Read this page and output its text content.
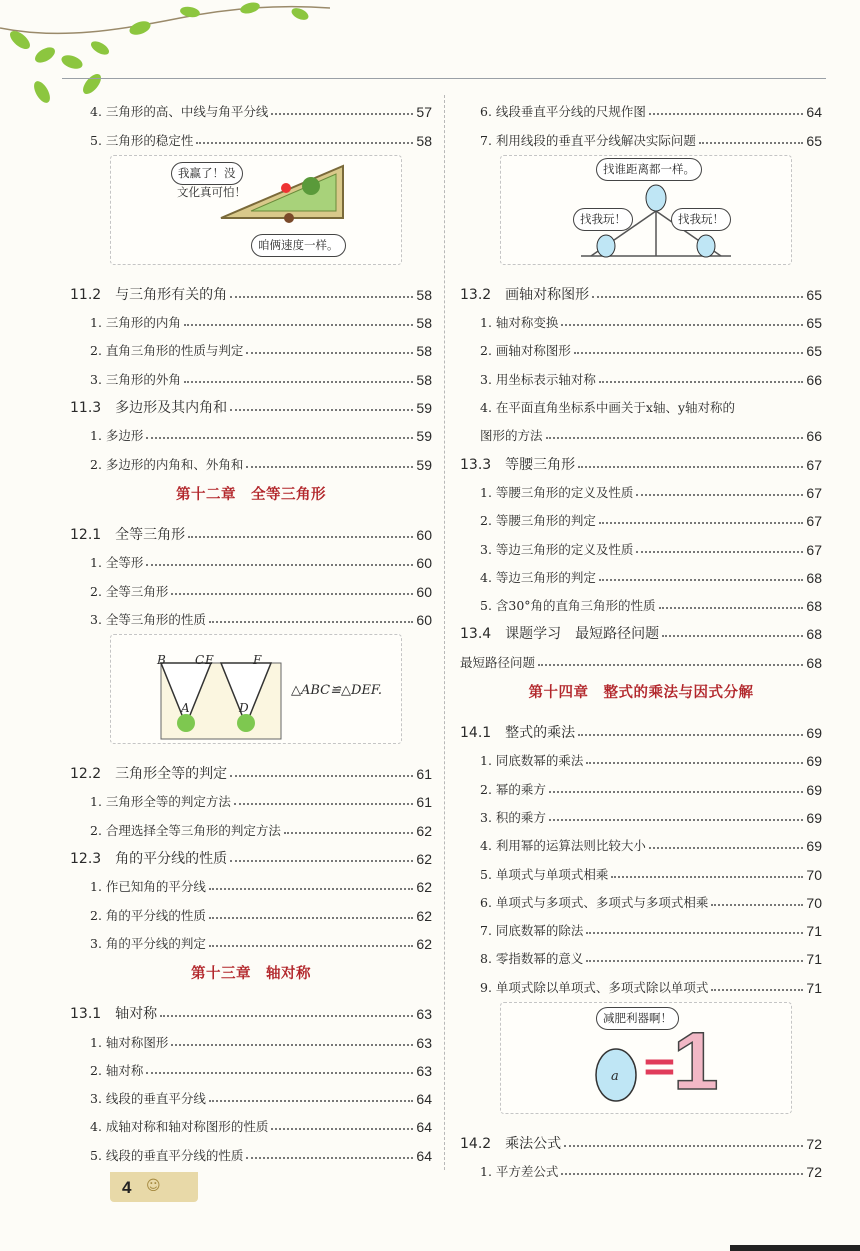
4. 三角形的高、中线与角平分线	57
5. 三角形的稳定性	58
我赢了！没
文化真可怕！
咱俩速度一样。
11.2　与三角形有关的角	58
1. 三角形的内角	58
2. 直角三角形的性质与判定	58
3. 三角形的外角	58
11.3　多边形及其内角和	59
1. 多边形	59
2. 多边形的内角和、外角和	59
第十二章　全等三角形
12.1　全等三角形	60
1. 全等形	60
2. 全等三角形	60
3. 全等三角形的性质	60
B C E	F
A	D
△ABC≌△DEF.
12.2　三角形全等的判定	61
1. 三角形全等的判定方法	61
2. 合理选择全等三角形的判定方法	62
12.3　角的平分线的性质	62
1. 作已知角的平分线	62
2. 角的平分线的性质	62
3. 角的平分线的判定	62
第十三章　轴对称
13.1　轴对称	63
1. 轴对称图形	63
2. 轴对称	63
3. 线段的垂直平分线	64
4. 成轴对称和轴对称图形的性质	64
5. 线段的垂直平分线的性质	64
6. 线段垂直平分线的尺规作图	64
7. 利用线段的垂直平分线解决实际问题	65
找谁距离都一样。
找我玩！	找我玩！
13.2　画轴对称图形	65
1. 轴对称变换	65
2. 画轴对称图形	65
3. 用坐标表示轴对称	66
4. 在平面直角坐标系中画关于x轴、y轴对称的
图形的方法	66
13.3　等腰三角形	67
1. 等腰三角形的定义及性质	67
2. 等腰三角形的判定	67
3. 等边三角形的定义及性质	67
4. 等边三角形的判定	68
5. 含30°角的直角三角形的性质	68
13.4　课题学习　最短路径问题	68
最短路径问题	68
第十四章　整式的乘法与因式分解
14.1　整式的乘法	69
1. 同底数幂的乘法	69
2. 幂的乘方	69
3. 积的乘方	69
4. 利用幂的运算法则比较大小	69
5. 单项式与单项式相乘	70
6. 单项式与多项式、多项式与多项式相乘	70
7. 同底数幂的除法	71
8. 零指数幂的意义	71
9. 单项式除以单项式、多项式除以单项式	71
减肥利器啊！
a =
1
14.2　乘法公式	72
1. 平方差公式	72
4 ☺
